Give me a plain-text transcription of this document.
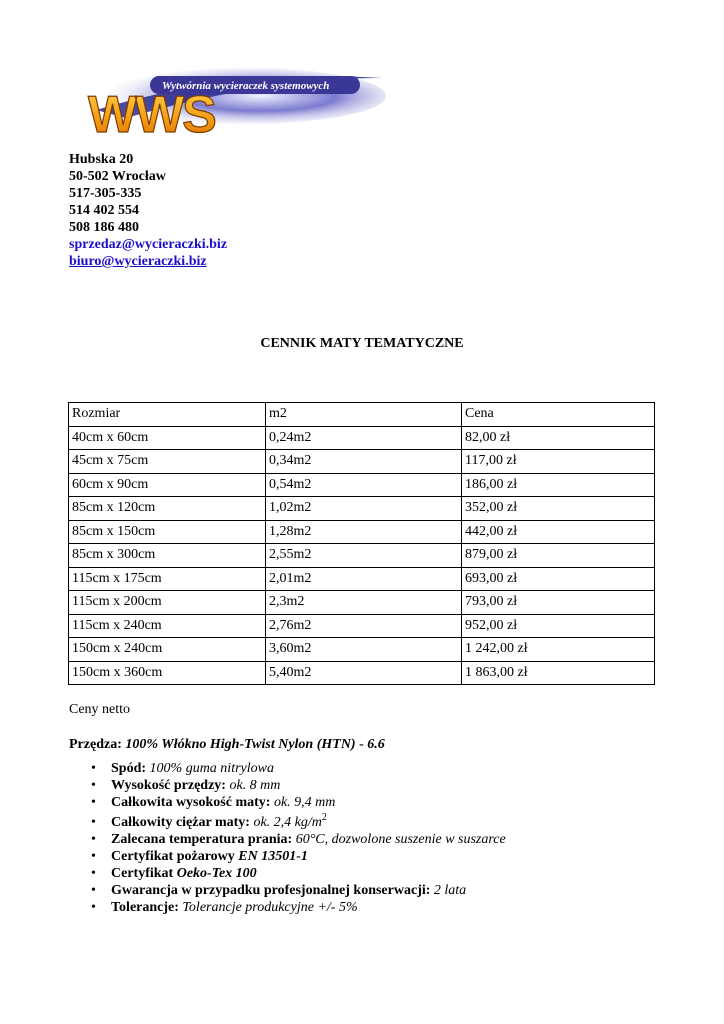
Wytwórnia wycieraczek systemowych
WWS
Hubska 20
50-502 Wrocław
517-305-335
514 402 554
508 186 480
sprzedaz@wycieraczki.biz
biuro@wycieraczki.biz
CENNIK MATY TEMATYCZNE
Rozmiar	m2	Cena
40cm x 60cm	0,24m2	82,00 zł
45cm x 75cm	0,34m2	117,00 zł
60cm x 90cm	0,54m2	186,00 zł
85cm x 120cm	1,02m2	352,00 zł
85cm x 150cm	1,28m2	442,00 zł
85cm x 300cm	2,55m2	879,00 zł
115cm x 175cm	2,01m2	693,00 zł
115cm x 200cm	2,3m2	793,00 zł
115cm x 240cm	2,76m2	952,00 zł
150cm x 240cm	3,60m2	1 242,00 zł
150cm x 360cm	5,40m2	1 863,00 zł
Ceny netto
Przędza: 100% Włókno High-Twist Nylon (HTN) - 6.6
• Spód: 100% guma nitrylowa
• Wysokość przędzy: ok. 8 mm
• Całkowita wysokość maty: ok. 9,4 mm
• Całkowity ciężar maty: ok. 2,4 $kg/m^2$
• Zalecana temperatura prania: 60°C, dozwolone suszenie w suszarce
• Certyfikat pożarowy EN 13501-1
• Certyfikat Oeko-Tex 100
• Gwarancja w przypadku profesjonalnej konserwacji: 2 lata
• Tolerancje: Tolerancje produkcyjne +/- 5%
